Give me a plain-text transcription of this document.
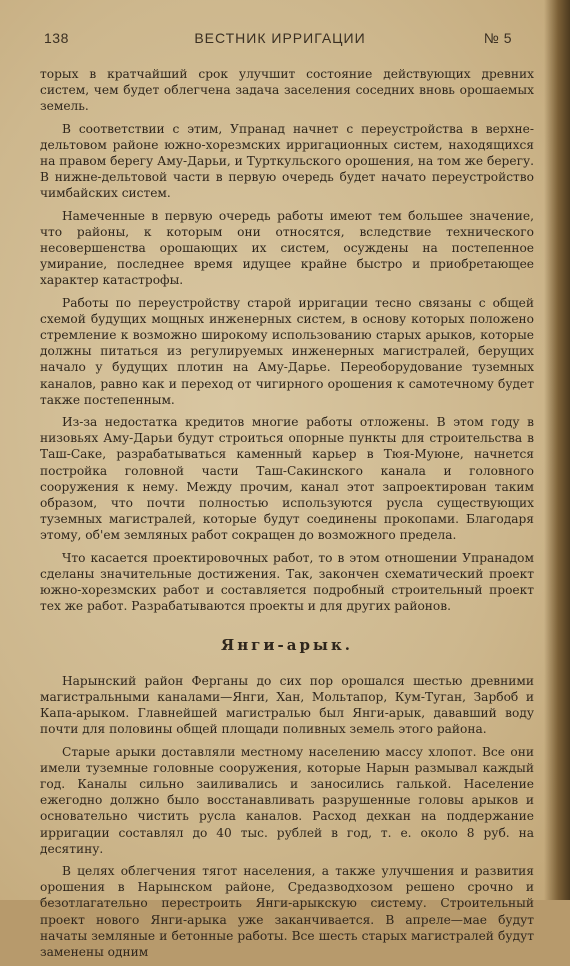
138	ВЕСТНИК ИРРИГАЦИИ	№ 5

торых в кратчайший срок улучшит состояние действующих древних систем, чем будет облегчена задача заселения соседних вновь орошаемых земель.

В соответствии с этим, Упранад начнет с переустройства в верхне-дельтовом районе южно-хорезмских ирригационных систем, находящихся на правом берегу Аму-Дарьи, и Турткульского орошения, на том же берегу. В нижне-дельтовой части в первую очередь будет начато переустройство чимбайских систем.

Намеченные в первую очередь работы имеют тем большее значение, что районы, к которым они относятся, вследствие технического несовершенства орошающих их систем, осуждены на постепенное умирание, последнее время идущее крайне быстро и приобретающее характер катастрофы.

Работы по переустройству старой ирригации тесно связаны с общей схемой будущих мощных инженерных систем, в основу которых положено стремление к возможно широкому использованию старых арыков, которые должны питаться из регулируемых инженерных магистралей, берущих начало у будущих плотин на Аму-Дарье. Переоборудование туземных каналов, равно как и переход от чигирного орошения к самотечному будет также постепенным.

Из-за недостатка кредитов многие работы отложены. В этом году в низовьях Аму-Дарьи будут строиться опорные пункты для строительства в Таш-Саке, разрабатываться каменный карьер в Тюя-Муюне, начнется постройка головной части Таш-Сакинского канала и головного сооружения к нему. Между прочим, канал этот запроектирован таким образом, что почти полностью используются русла существующих туземных магистралей, которые будут соединены прокопами. Благодаря этому, об'ем земляных работ сокращен до возможного предела.

Что касается проектировочных работ, то в этом отношении Упранадом сделаны значительные достижения. Так, закончен схематический проект южно-хорезмских работ и составляется подробный строительный проект тех же работ. Разрабатываются проекты и для других районов.

Янги-арык.

Нарынский район Ферганы до сих пор орошался шестью древними магистральными каналами—Янги, Хан, Мольтапор, Кум-Туган, Зарбоб и Капа-арыком. Главнейшей магистралью был Янги-арык, дававший воду почти для половины общей площади поливных земель этого района.

Старые арыки доставляли местному населению массу хлопот. Все они имели туземные головные сооружения, которые Нарын размывал каждый год. Каналы сильно заиливались и заносились галькой. Население ежегодно должно было восстанавливать разрушенные головы арыков и основательно чистить русла каналов. Расход дехкан на поддержание ирригации составлял до 40 тыс. рублей в год, т. е. около 8 руб. на десятину.

В целях облегчения тягот населения, а также улучшения и развития орошения в Нарынском районе, Средазводхозом решено срочно и безотлагательно перестроить Янги-арыкскую систему. Строительный проект нового Янги-арыка уже заканчивается. В апреле—мае будут начаты земляные и бетонные работы. Все шесть старых магистралей будут заменены одним
